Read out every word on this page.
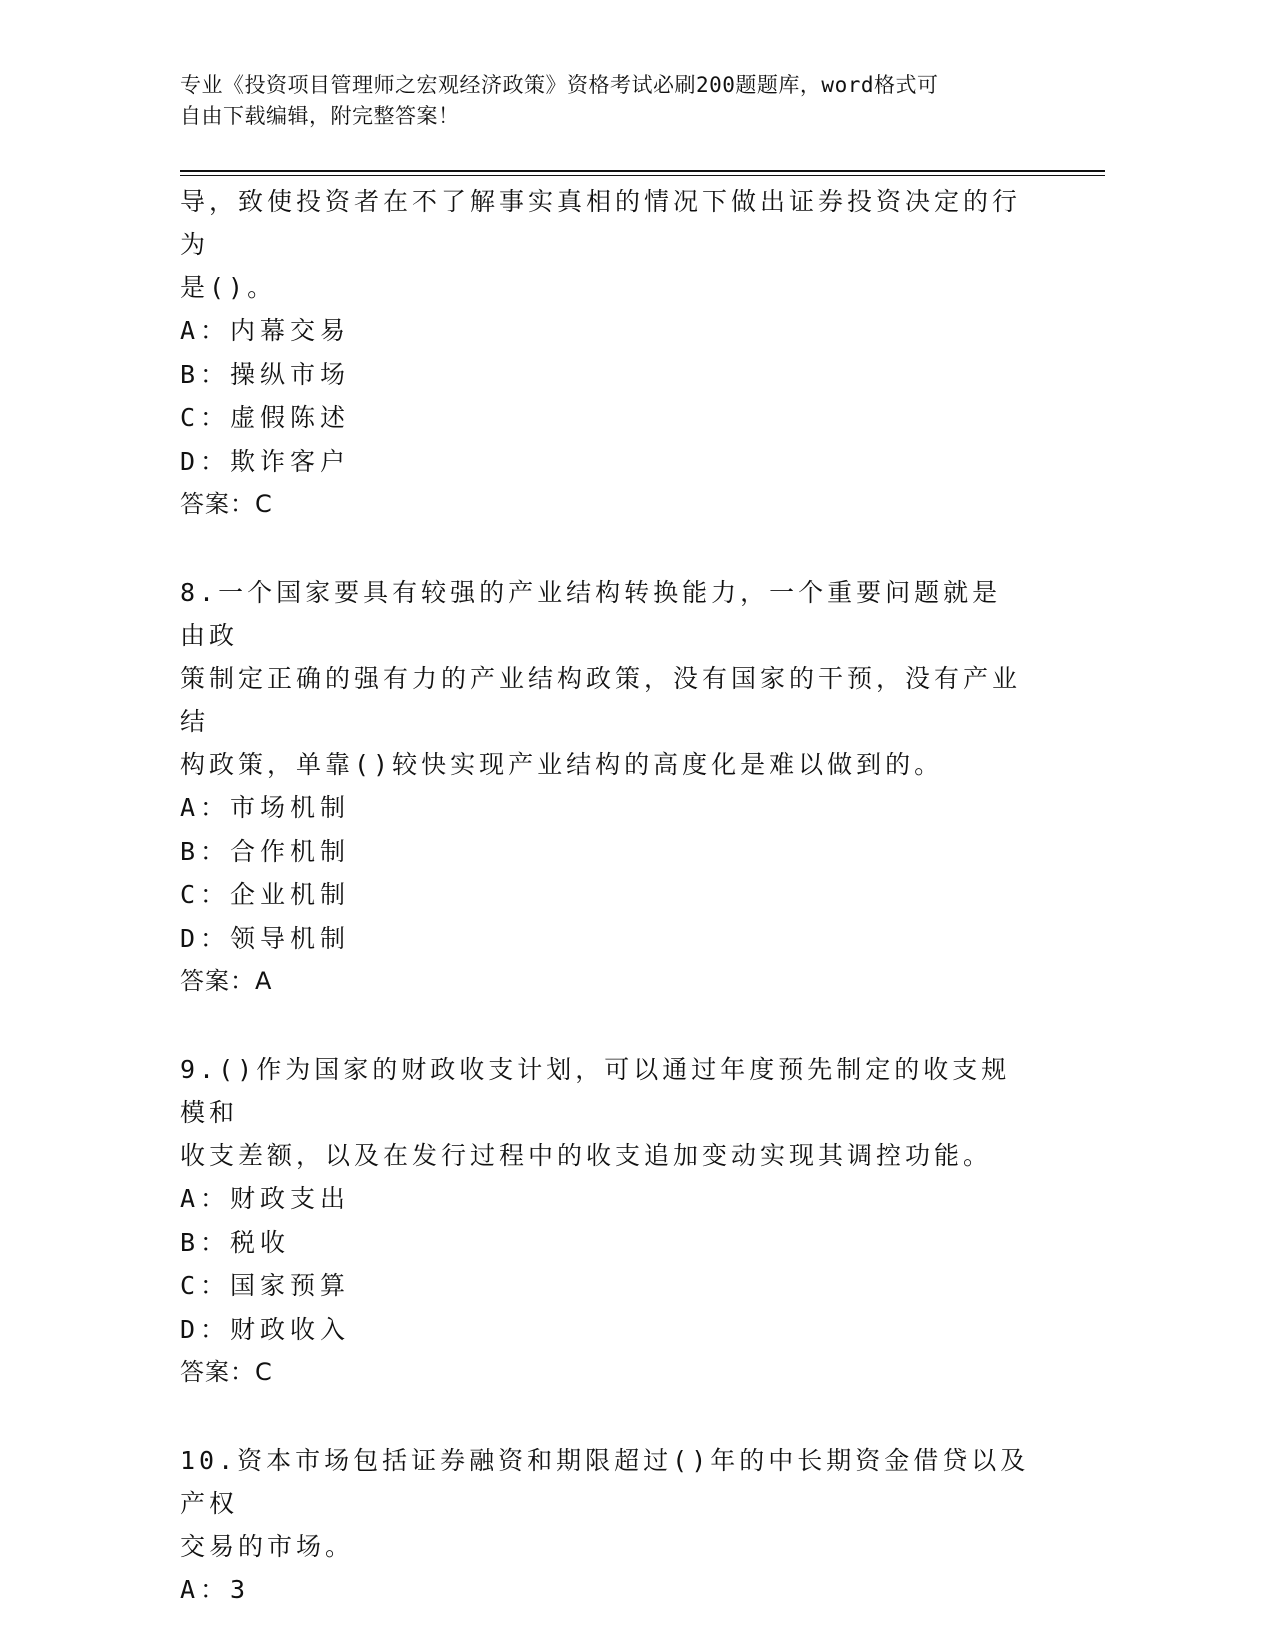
专业《投资项目管理师之宏观经济政策》资格考试必刷200题题库，word格式可
自由下载编辑，附完整答案！

导，致使投资者在不了解事实真相的情况下做出证券投资决定的行为

是()。

A：内幕交易

B：操纵市场

C：虚假陈述

D：欺诈客户

答案：C

8.一个国家要具有较强的产业结构转换能力，一个重要问题就是由政

策制定正确的强有力的产业结构政策，没有国家的干预，没有产业结

构政策，单靠()较快实现产业结构的高度化是难以做到的。

A：市场机制

B：合作机制

C：企业机制

D：领导机制

答案：A

9.()作为国家的财政收支计划，可以通过年度预先制定的收支规模和

收支差额，以及在发行过程中的收支追加变动实现其调控功能。

A：财政支出

B：税收

C：国家预算

D：财政收入

答案：C

10.资本市场包括证券融资和期限超过()年的中长期资金借贷以及产权

交易的市场。

A：3
